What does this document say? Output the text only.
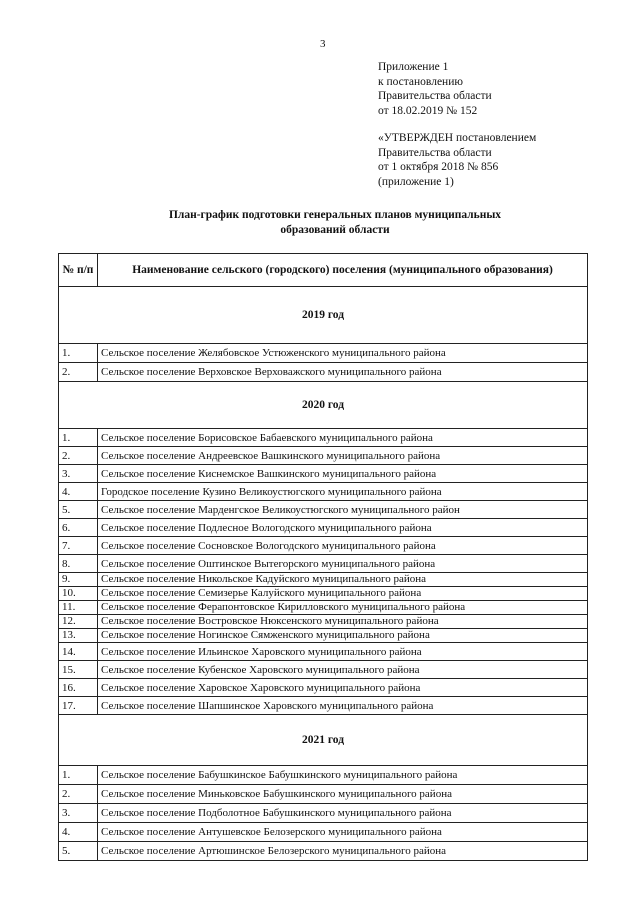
3
Приложение 1
к постановлению
Правительства области
от 18.02.2019 № 152
«УТВЕРЖДЕН постановлением
Правительства области
от 1 октября 2018 № 856
(приложение 1)
План-график подготовки генеральных планов муниципальных
образований области
№ п/п	Наименование сельского (городского) поселения (муниципального образования)
2019 год	
1.	Сельское поселение Желябовское Устюженского муниципального района
2.	Сельское поселение Верховское Верховажского муниципального района
2020 год	
1.	Сельское поселение Борисовское Бабаевского муниципального района
2.	Сельское поселение Андреевское Вашкинского муниципального района
3.	Сельское поселение Киснемское Вашкинского муниципального района
4.	Городское поселение Кузино Великоустюгского муниципального района
5.	Сельское поселение Марденгское Великоустюгского муниципального район
6.	Сельское поселение Подлесное Вологодского муниципального района
7.	Сельское поселение Сосновское Вологодского муниципального района
8.	Сельское поселение Оштинское Вытегорского муниципального района
9.	Сельское поселение Никольское Кадуйского муниципального района
10.	Сельское поселение Семизерье Калуйского муниципального района
11.	Сельское поселение Ферапонтовское Кирилловского муниципального района
12.	Сельское поселение Востровское Нюксенского муниципального района
13.	Сельское поселение Ногинское Сямженского муниципального района
14.	Сельское поселение Ильинское Харовского муниципального района
15.	Сельское поселение Кубенское Харовского муниципального района
16.	Сельское поселение Харовское Харовского муниципального района
17.	Сельское поселение Шапшинское Харовского муниципального района
2021 год	
1.	Сельское поселение Бабушкинское Бабушкинского муниципального района
2.	Сельское поселение Миньковское Бабушкинского муниципального района
3.	Сельское поселение Подболотное Бабушкинского муниципального района
4.	Сельское поселение Антушевское Белозерского муниципального района
5.	Сельское поселение Артюшинское Белозерского муниципального района
